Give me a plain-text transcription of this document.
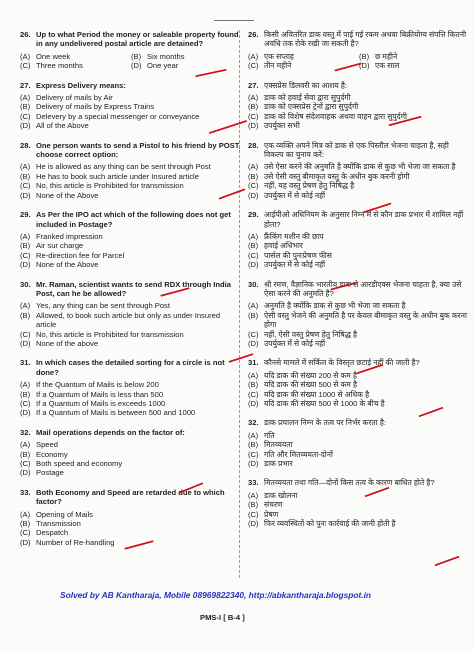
26. Up to what Period the money or saleable property found in any undelivered postal article are detained?
(A) One week	(B) Six months
(C) Three months	(D) One year
27. Express Delivery means:
(A) Delivery of mails by Air
(B) Delivery of mails by Express Trains
(C) Delevery by a special messenger or conveyance
(D) All of the Above
28. One person wants to send a Pistol to his friend by POST, choose correct option:
(A) He is allowed as any thing can be sent through Post
(B) He has to book such article under Insured article
(C) No, this article is Prohibited for transmission
(D) None of the Above
29. As Per the IPO act which of the following does not get included in Postage?
(A) Franked impression
(B) Air sur charge
(C) Re-direction fee for Parcel
(D) None of the Above
30. Mr. Raman, scientist wants to send RDX through India Post, can he be allowed?
(A) Yes, any thing can be sent through Post
(B) Allowed, to book such article but only as under Insured article
(C) No, this article is Prohibited for transmission
(D) None of the above
31. In which cases the detailed sorting for a circle is not done?
(A) If the Quantum of Mails is below 200
(B) If a Quantum of Mails is less than 500
(C) If a Quantum of Mails is exceeds 1000
(D) If a Quantum of Mails is between 500 and 1000
32. Mail operations depends on the factor of:
(A) Speed
(B) Economy
(C) Both speed and economy
(D) Postage
33. Both Economy and Speed are retarded due to which factor?
(A) Opening of Mails
(B) Transmission
(C) Despatch
(D) Number of Re-handling
26. किसी अवितरित डाक वस्तु में पाई गई रकम अथवा बिक्रीयोग्य संपत्ति कितनी अवधि तक रोके रखी जा सकती है?
(A) एक सप्ताह	(B) छ महीने
(C) तीन महीने	(D) एक साल
27. एक्सप्रेस डिलवरी का आशय है:
(A) डाक को हवाई सेवा द्वारा सुपुर्दगी
(B) डाक को एक्सप्रेस ट्रेनों द्वारा सुपुर्दगी
(C) डाक को विशेष संदेशवाहक अथवा वाहन द्वारा सुपुर्दगी
(D) उपर्युक्त सभी
28. एक व्यक्ति अपने मित्र को डाक से एक पिस्तौल भेजना चाहता है, सही विकल्प का चुनाव करें:
(A) उसे ऐसा करने की अनुमति है क्योंकि डाक से कुछ भी भेजा जा सकता है
(B) उसे ऐसी वस्तु बीमाकृत वस्तु के अधीन बुक करनी होगी
(C) नहीं, यह वस्तु प्रेषण हेतु निषिद्ध है
(D) उपर्युक्त में से कोई नहीं
29. आईपीओ अधिनियम के अनुसार निम्न में से कौन डाक प्रभार में शामिल नहीं होता?
(A) फ्रैंकिंग मशीन की छाप
(B) हवाई अधिभार
(C) पार्सल की पुनःप्रेषण फीस
(D) उपर्युक्त में से कोई नहीं
30. श्री रमण, वैज्ञानिक भारतीय डाक से आरडीएक्स भेजना चाहता है, क्या उसे ऐसा करने की अनुमति है?
(A) अनुमति है क्योंकि डाक से कुछ भी भेजा जा सकता है
(B) ऐसी वस्तु भेजने की अनुमति है पर केवल बीमाकृत वस्तु के अधीन बुक करना होगा
(C) नहीं, ऐसी वस्तु प्रेषण हेतु निषिद्ध है
(D) उपर्युक्त में से कोई नहीं
31. कौनसे मामले में सर्किल के विस्तृत छटाई नहीं की जाती है?
(A) यदि डाक की संख्या 200 से कम है
(B) यदि डाक की संख्या 500 से कम है
(C) यदि डाक की संख्या 1000 से अधिक है
(D) यदि डाक की संख्या 500 से 1000 के बीच है
32. डाक प्रचालन निम्न के तत्व पर निर्भर करता है:
(A) गति
(B) मितव्ययता
(C) गति और मितव्ययता-दोनों
(D) डाक प्रभार
33. मितव्ययता तथा गति—दोनों किस तत्व के कारण बाधित होते है?
(A) डाक खोलना
(B) संचरण
(C) प्रेषण
(D) फिर व्यवस्थितों को पुनः कार्रवाई की जानी होती है
Solved by AB Kantharaja, Mobile 08969822340, http://abkantharaja.blogspot.in
PMS-I [ B-4 ]
